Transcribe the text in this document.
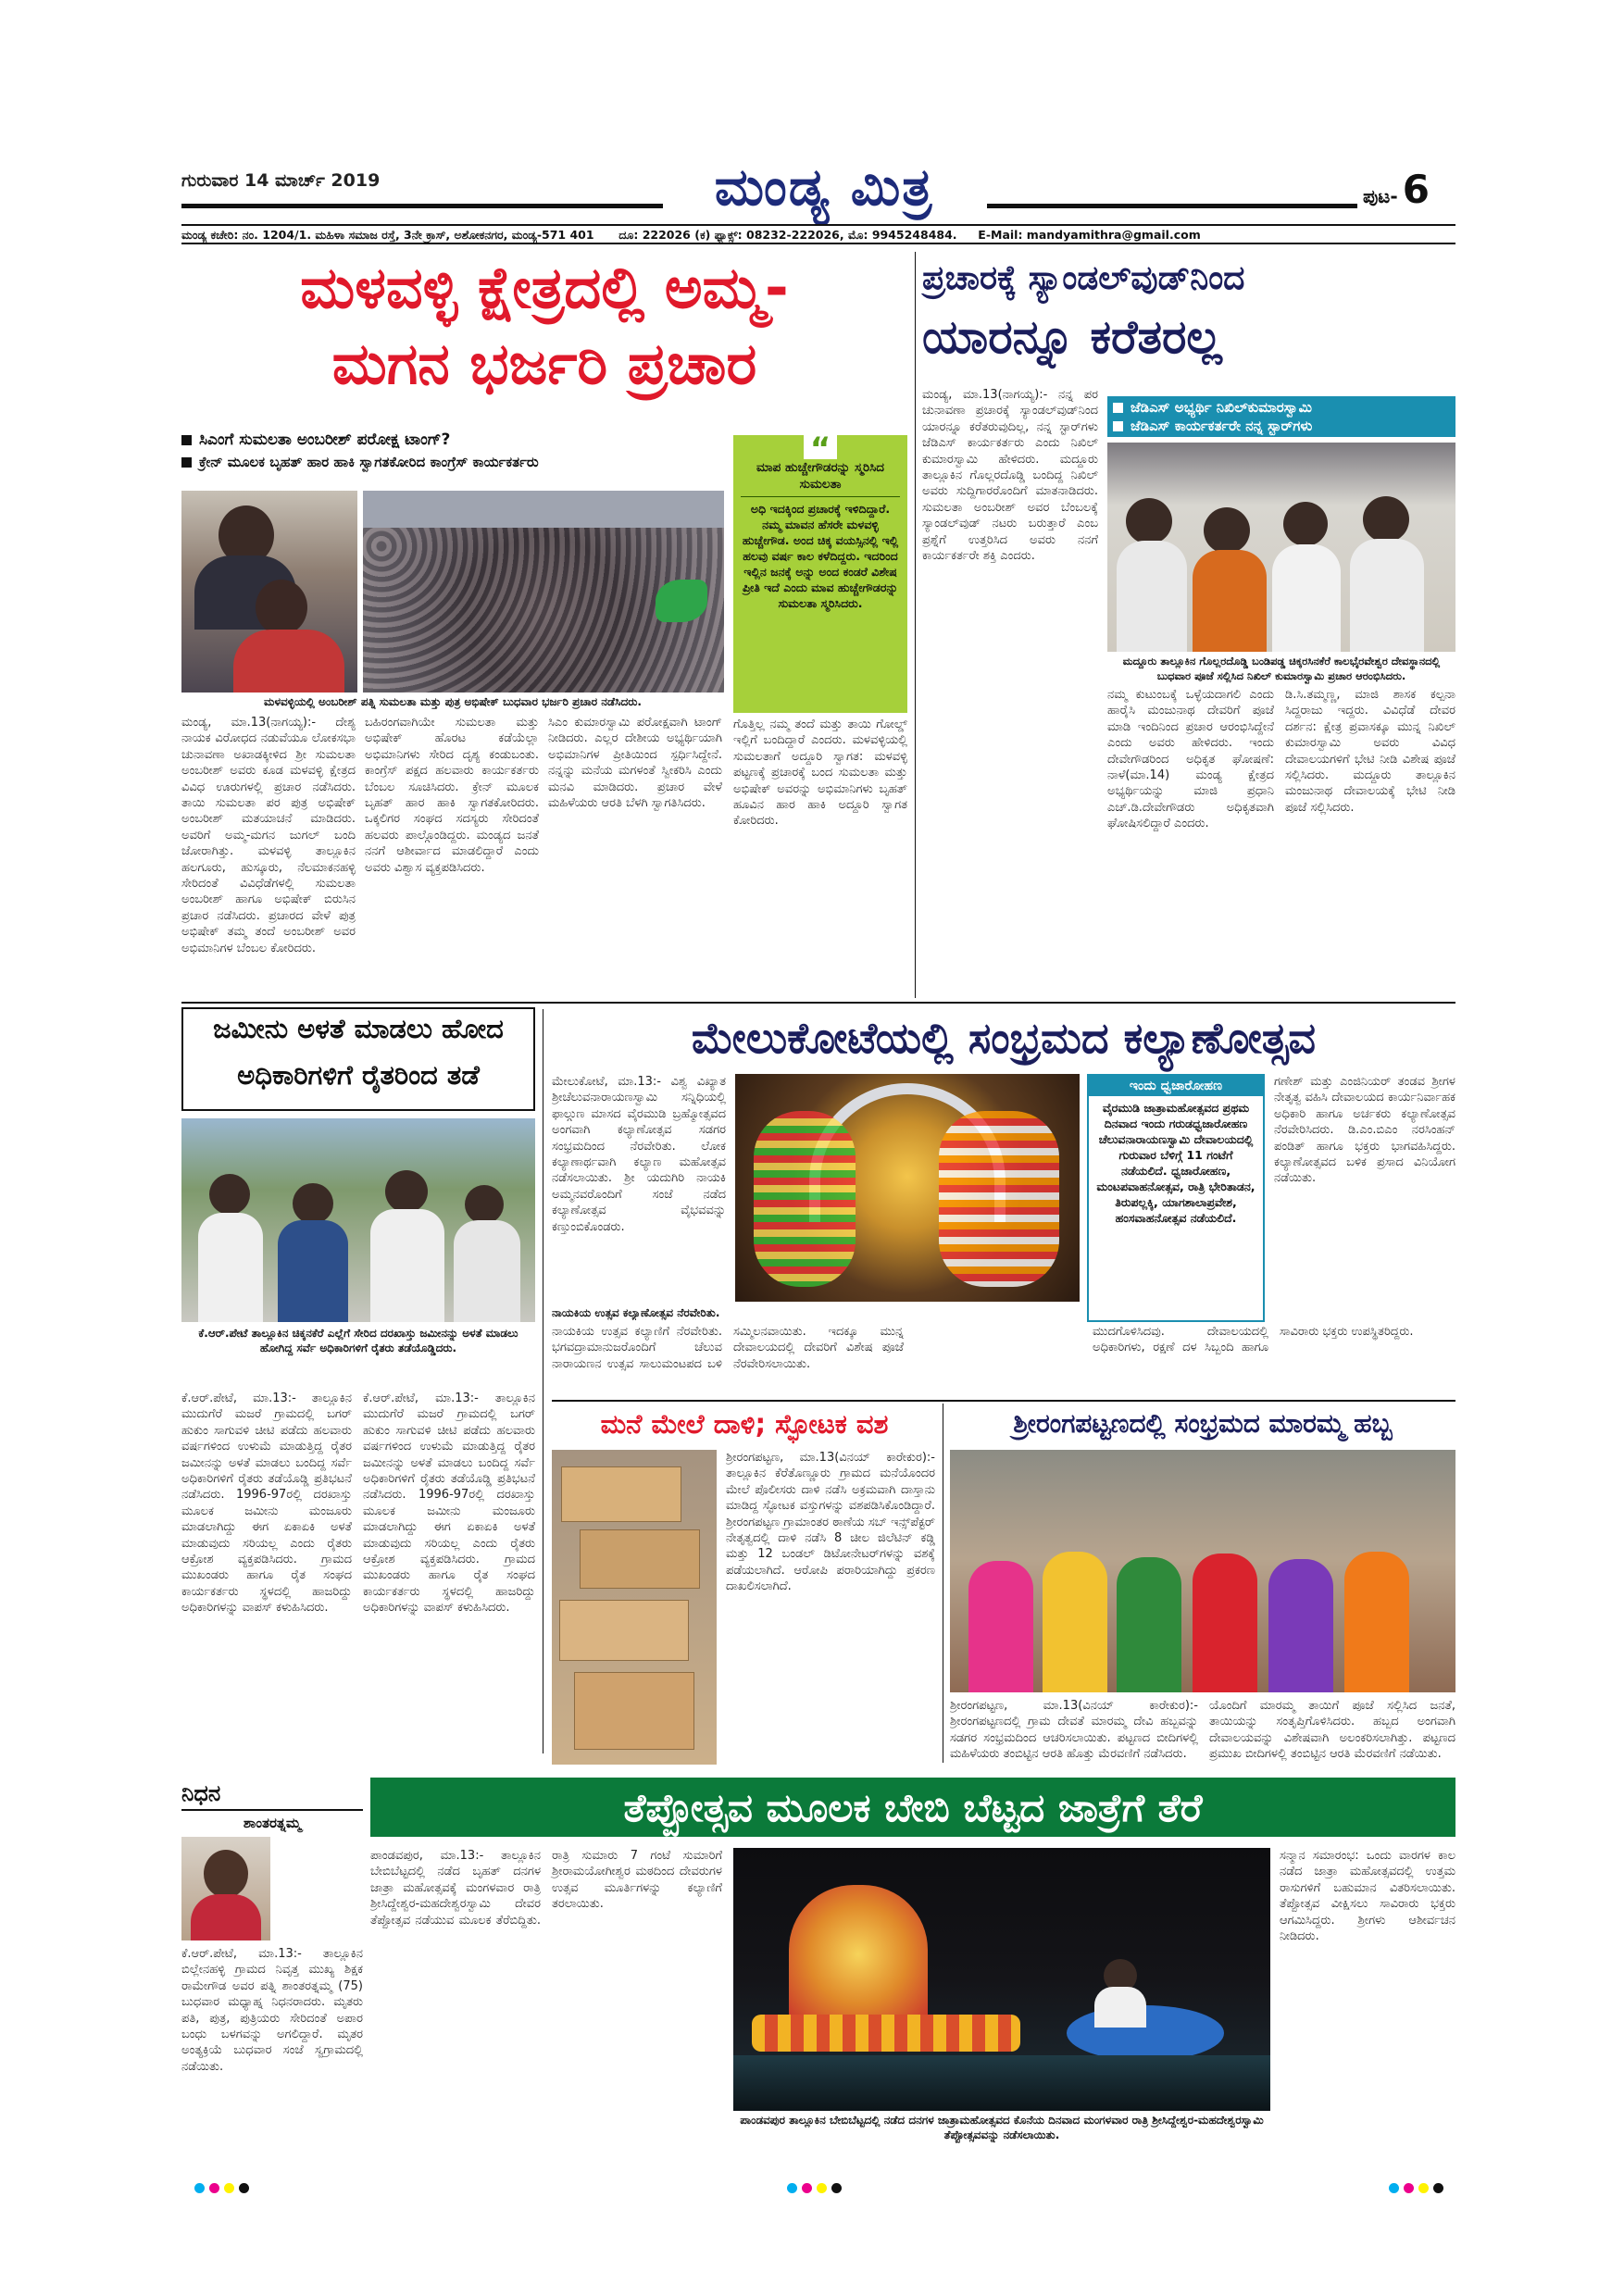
ಗುರುವಾರ 14 ಮಾರ್ಚ್ 2019	ಮಂಡ್ಯ ಮಿತ್ರ	ಪುಟ- 6
ಮಂಡ್ಯ ಕಚೇರಿ: ನಂ. 1204/1. ಮಹಿಳಾ ಸಮಾಜ ರಸ್ತೆ, 3ನೇ ಕ್ರಾಸ್, ಅಶೋಕನಗರ, ಮಂಡ್ಯ-571 401 ದೂ: 222026 (ಕ) ಫ್ಯಾಕ್ಸ್: 08232-222026, ಮೊ: 9945248484. E-Mail: mandyamithra@gmail.com
ಮಳವಳ್ಳಿ ಕ್ಷೇತ್ರದಲ್ಲಿ ಅಮ್ಮ-
ಮಗನ ಭರ್ಜರಿ ಪ್ರಚಾರ
ಸಿಎಂಗೆ ಸುಮಲತಾ ಅಂಬರೀಶ್ ಪರೋಕ್ಷ ಟಾಂಗ್?
ಕ್ರೇನ್ ಮೂಲಕ ಬೃಹತ್ ಹಾರ ಹಾಕಿ ಸ್ವಾಗತಕೋರಿದ ಕಾಂಗ್ರೆಸ್ ಕಾರ್ಯಕರ್ತರು	“
ಮಾಪ ಹುಚ್ಚೇಗೌಡರನ್ನು ಸ್ಮರಿಸಿದ ಸುಮಲತಾ
ಅಧಿ ಇದಕ್ಕಿಂದ ಪ್ರಚಾರಕ್ಕೆ ಇಳಿದಿದ್ದಾರೆ. ನಮ್ಮ ಮಾವನ ಹೆಸರೇ ಮಳವಳ್ಳಿ ಹುಚ್ಚೇಗೌಡ. ಅಂದ ಚಿಕ್ಕ ವಯಸ್ಸಿನಲ್ಲಿ ಇಲ್ಲಿ ಹಲವು ವರ್ಷ ಕಾಲ ಕಳೆದಿದ್ದರು. ಇದರಿಂದ ಇಲ್ಲಿನ ಜನಕ್ಕೆ ಅನ್ನು ಅಂದ ಕಂಡರೆ ವಿಶೇಷ ಪ್ರೀತಿ ಇದೆ ಎಂದು ಮಾವ ಹುಚ್ಚೇಗೌಡರನ್ನು ಸುಮಲತಾ ಸ್ಮರಿಸಿದರು.
ಮಳವಳ್ಳಿಯಲ್ಲಿ ಅಂಬರೀಶ್ ಪತ್ನಿ ಸುಮಲತಾ ಮತ್ತು ಪುತ್ರ ಅಭಿಷೇಕ್ ಬುಧವಾರ ಭರ್ಜರಿ ಪ್ರಚಾರ ನಡೆಸಿದರು.
ಮಂಡ್ಯ, ಮಾ.13(ನಾಗಯ್ಯ):- ದೇಶ್ಯ ನಾಯಕ ವಿರೋಧದ ನಡುವೆಯೂ ಲೋಕಸಭಾ ಚುನಾವಣಾ ಅಖಾಡಕ್ಕೀಳಿದ ಶ್ರೀ ಸುಮಲತಾ ಅಂಬರೀಶ್ ಅವರು ಕೂಡ ಮಳವಳ್ಳಿ ಕ್ಷೇತ್ರದ ವಿವಿಧ ಊರುಗಳಲ್ಲಿ ಪ್ರಚಾರ ನಡೆಸಿದರು. ತಾಯಿ ಸುಮಲತಾ ಪರ ಪುತ್ರ ಅಭಿಷೇಕ್ ಅಂಬರೀಶ್ ಮತಯಾಚನೆ ಮಾಡಿದರು. ಅವರಿಗೆ ಅಮ್ಮ-ಮಗನ ಜುಗಲ್ ಬಂದಿ ಜೋರಾಗಿತ್ತು. ಮಳವಳ್ಳಿ ತಾಲ್ಲೂಕಿನ ಹಲಗೂರು, ಹುಸ್ಕೂರು, ನೆಲಮಾಕನಹಳ್ಳಿ ಸೇರಿದಂತೆ ವಿವಿಧೆಡೆಗಳಲ್ಲಿ ಸುಮಲತಾ ಅಂಬರೀಶ್ ಹಾಗೂ ಅಭಿಷೇಕ್ ಬಿರುಸಿನ ಪ್ರಚಾರ ನಡೆಸಿದರು. ಪ್ರಚಾರದ ವೇಳೆ ಪುತ್ರ ಅಭಿಷೇಕ್ ತಮ್ಮ ತಂದೆ ಅಂಬರೀಶ್ ಅವರ ಅಭಿಮಾನಿಗಳ ಬೆಂಬಲ ಕೋರಿದರು.
ಬಹಿರಂಗವಾಗಿಯೇ ಸುಮಲತಾ ಮತ್ತು ಅಭಿಷೇಕ್ ಹೊರಟ ಕಡೆಯೆಲ್ಲಾ ಅಭಿಮಾನಿಗಳು ಸೇರಿದ ದೃಶ್ಯ ಕಂಡುಬಂತು. ಕಾಂಗ್ರೆಸ್ ಪಕ್ಷದ ಹಲವಾರು ಕಾರ್ಯಕರ್ತರು ಬೆಂಬಲ ಸೂಚಿಸಿದರು. ಕ್ರೇನ್ ಮೂಲಕ ಬೃಹತ್ ಹಾರ ಹಾಕಿ ಸ್ವಾಗತಕೋರಿದರು. ಒಕ್ಕಲಿಗರ ಸಂಘದ ಸದಸ್ಯರು ಸೇರಿದಂತೆ ಹಲವರು ಪಾಲ್ಗೊಂಡಿದ್ದರು. ಮಂಡ್ಯದ ಜನತೆ ನನಗೆ ಆಶೀರ್ವಾದ ಮಾಡಲಿದ್ದಾರೆ ಎಂದು ಅವರು ವಿಶ್ವಾಸ ವ್ಯಕ್ತಪಡಿಸಿದರು.
ಸಿಎಂ ಕುಮಾರಸ್ವಾಮಿ ಪರೋಕ್ಷವಾಗಿ ಟಾಂಗ್ ನೀಡಿದರು. ಎಲ್ಲರ ದೇಶೀಯ ಅಭ್ಯರ್ಥಿಯಾಗಿ ಅಭಿಮಾನಿಗಳ ಪ್ರೀತಿಯಿಂದ ಸ್ಪರ್ಧಿಸಿದ್ದೇನೆ. ನನ್ನನ್ನು ಮನೆಯ ಮಗಳಂತೆ ಸ್ವೀಕರಿಸಿ ಎಂದು ಮನವಿ ಮಾಡಿದರು. ಪ್ರಚಾರ ವೇಳೆ ಮಹಿಳೆಯರು ಆರತಿ ಬೆಳಗಿ ಸ್ವಾಗತಿಸಿದರು.
ಗೊತ್ತಿಲ್ಲ ನಮ್ಮ ತಂದೆ ಮತ್ತು ತಾಯಿ ಗೋಲ್ಡ್ ಇಲ್ಲಿಗೆ ಬಂದಿದ್ದಾರೆ ಎಂದರು. ಮಳವಳ್ಳಿಯಲ್ಲಿ ಸುಮಲತಾಗೆ ಅದ್ದೂರಿ ಸ್ವಾಗತ: ಮಳವಳ್ಳಿ ಪಟ್ಟಣಕ್ಕೆ ಪ್ರಚಾರಕ್ಕೆ ಬಂದ ಸುಮಲತಾ ಮತ್ತು ಅಭಿಷೇಕ್ ಅವರನ್ನು ಅಭಿಮಾನಿಗಳು ಬೃಹತ್ ಹೂವಿನ ಹಾರ ಹಾಕಿ ಅದ್ದೂರಿ ಸ್ವಾಗತ ಕೋರಿದರು.
ಪ್ರಚಾರಕ್ಕೆ ಸ್ಯಾಂಡಲ್‌ವುಡ್‌ನಿಂದ
ಯಾರನ್ನೂ ಕರೆತರಲ್ಲ
ಮಂಡ್ಯ, ಮಾ.13(ನಾಗಯ್ಯ):- ನನ್ನ ಪರ ಚುನಾವಣಾ ಪ್ರಚಾರಕ್ಕೆ ಸ್ಯಾಂಡಲ್‌ವುಡ್‌ನಿಂದ ಯಾರನ್ನೂ ಕರೆತರುವುದಿಲ್ಲ, ನನ್ನ ಸ್ಟಾರ್‌ಗಳು ಜೆಡಿಎಸ್ ಕಾರ್ಯಕರ್ತರು ಎಂದು ನಿಖಿಲ್ ಕುಮಾರಸ್ವಾಮಿ ಹೇಳಿದರು. ಮದ್ದೂರು ತಾಲ್ಲೂಕಿನ ಗೊಲ್ಲರದೊಡ್ಡಿ ಬಂದಿದ್ದ ನಿಖಿಲ್ ಅವರು ಸುದ್ದಿಗಾರರೊಂದಿಗೆ ಮಾತನಾಡಿದರು. ಸುಮಲತಾ ಅಂಬರೀಶ್ ಅವರ ಬೆಂಬಲಕ್ಕೆ ಸ್ಯಾಂಡಲ್‌ವುಡ್ ನಟರು ಬರುತ್ತಾರೆ ಎಂಬ ಪ್ರಶ್ನೆಗೆ ಉತ್ತರಿಸಿದ ಅವರು ನನಗೆ ಕಾರ್ಯಕರ್ತರೇ ಶಕ್ತಿ ಎಂದರು.
ಜೆಡಿಎಸ್ ಅಭ್ಯರ್ಥಿ ನಿಖಿಲ್‌ಕುಮಾರಸ್ವಾಮಿ
ಜೆಡಿಎಸ್ ಕಾರ್ಯಕರ್ತರೇ ನನ್ನ ಸ್ಟಾರ್‌ಗಳು
ಮದ್ದೂರು ತಾಲ್ಲೂಕಿನ ಗೊಲ್ಲರದೊಡ್ಡಿ ಬಂಡಿಪಡ್ಡ ಚಿಕ್ಕರಸಿನಕೆರೆ ಕಾಲಭೈರವೇಶ್ವರ ದೇವಸ್ಥಾನದಲ್ಲಿ ಬುಧವಾರ ಪೂಜೆ ಸಲ್ಲಿಸಿದ ನಿಖಿಲ್ ಕುಮಾರಸ್ವಾಮಿ ಪ್ರಚಾರ ಆರಂಭಿಸಿದರು.
ನಮ್ಮ ಕುಟುಂಬಕ್ಕೆ ಒಳ್ಳೆಯದಾಗಲಿ ಎಂದು ಹಾರೈಸಿ ಮಂಜುನಾಥ ದೇವರಿಗೆ ಪೂಜೆ ಮಾಡಿ ಇಂದಿನಿಂದ ಪ್ರಚಾರ ಆರಂಭಿಸಿದ್ದೇನೆ ಎಂದು ಅವರು ಹೇಳಿದರು. ಇಂದು ದೇವೇಗೌಡರಿಂದ ಅಧಿಕೃತ ಘೋಷಣೆ: ನಾಳೆ(ಮಾ.14) ಮಂಡ್ಯ ಕ್ಷೇತ್ರದ ಅಭ್ಯರ್ಥಿಯನ್ನು ಮಾಜಿ ಪ್ರಧಾನಿ ಎಚ್.ಡಿ.ದೇವೇಗೌಡರು ಅಧಿಕೃತವಾಗಿ ಘೋಷಿಸಲಿದ್ದಾರೆ ಎಂದರು.
ಡಿ.ಸಿ.ತಮ್ಮಣ್ಣ, ಮಾಜಿ ಶಾಸಕ ಕಲ್ಪನಾ ಸಿದ್ದರಾಜು ಇದ್ದರು. ವಿವಿಧೆಡೆ ದೇವರ ದರ್ಶನ: ಕ್ಷೇತ್ರ ಪ್ರವಾಸಕ್ಕೂ ಮುನ್ನ ನಿಖಿಲ್ ಕುಮಾರಸ್ವಾಮಿ ಅವರು ವಿವಿಧ ದೇವಾಲಯಗಳಿಗೆ ಭೇಟಿ ನೀಡಿ ವಿಶೇಷ ಪೂಜೆ ಸಲ್ಲಿಸಿದರು. ಮದ್ದೂರು ತಾಲ್ಲೂಕಿನ ಮಂಜುನಾಥ ದೇವಾಲಯಕ್ಕೆ ಭೇಟಿ ನೀಡಿ ಪೂಜೆ ಸಲ್ಲಿಸಿದರು.
ಜಮೀನು ಅಳತೆ ಮಾಡಲು ಹೋದ
ಅಧಿಕಾರಿಗಳಿಗೆ ರೈತರಿಂದ ತಡೆ
ಕೆ.ಆರ್.ಪೇಟೆ ತಾಲ್ಲೂಕಿನ ಚಿಕ್ಕನಕೆರೆ ಎಲ್ಲೆಗೆ ಸೇರಿದ ದರಖಾಸ್ತು ಜಮೀನನ್ನು ಅಳತೆ ಮಾಡಲು ಹೋಗಿದ್ದ ಸರ್ವೆ ಅಧಿಕಾರಿಗಳಿಗೆ ರೈತರು ತಡೆಯೊಡ್ಡಿದರು.
ಕೆ.ಆರ್.ಪೇಟೆ, ಮಾ.13:- ತಾಲ್ಲೂಕಿನ ಮುದುಗೆರೆ ಮಜರೆ ಗ್ರಾಮದಲ್ಲಿ ಬಗರ್ ಹುಕುಂ ಸಾಗುವಳಿ ಚೀಟಿ ಪಡೆದು ಹಲವಾರು ವರ್ಷಗಳಿಂದ ಉಳುಮೆ ಮಾಡುತ್ತಿದ್ದ ರೈತರ ಜಮೀನನ್ನು ಅಳತೆ ಮಾಡಲು ಬಂದಿದ್ದ ಸರ್ವೆ ಅಧಿಕಾರಿಗಳಿಗೆ ರೈತರು ತಡೆಯೊಡ್ಡಿ ಪ್ರತಿಭಟನೆ ನಡೆಸಿದರು. 1996-97ರಲ್ಲಿ ದರಖಾಸ್ತು ಮೂಲಕ ಜಮೀನು ಮಂಜೂರು ಮಾಡಲಾಗಿದ್ದು ಈಗ ಏಕಾಏಕಿ ಅಳತೆ ಮಾಡುವುದು ಸರಿಯಲ್ಲ ಎಂದು ರೈತರು ಆಕ್ರೋಶ ವ್ಯಕ್ತಪಡಿಸಿದರು. ಗ್ರಾಮದ ಮುಖಂಡರು ಹಾಗೂ ರೈತ ಸಂಘದ ಕಾರ್ಯಕರ್ತರು ಸ್ಥಳದಲ್ಲಿ ಹಾಜರಿದ್ದು ಅಧಿಕಾರಿಗಳನ್ನು ವಾಪಸ್ ಕಳುಹಿಸಿದರು.
ಕೆ.ಆರ್.ಪೇಟೆ, ಮಾ.13:- ತಾಲ್ಲೂಕಿನ ಮುದುಗೆರೆ ಮಜರೆ ಗ್ರಾಮದಲ್ಲಿ ಬಗರ್ ಹುಕುಂ ಸಾಗುವಳಿ ಚೀಟಿ ಪಡೆದು ಹಲವಾರು ವರ್ಷಗಳಿಂದ ಉಳುಮೆ ಮಾಡುತ್ತಿದ್ದ ರೈತರ ಜಮೀನನ್ನು ಅಳತೆ ಮಾಡಲು ಬಂದಿದ್ದ ಸರ್ವೆ ಅಧಿಕಾರಿಗಳಿಗೆ ರೈತರು ತಡೆಯೊಡ್ಡಿ ಪ್ರತಿಭಟನೆ ನಡೆಸಿದರು. 1996-97ರಲ್ಲಿ ದರಖಾಸ್ತು ಮೂಲಕ ಜಮೀನು ಮಂಜೂರು ಮಾಡಲಾಗಿದ್ದು ಈಗ ಏಕಾಏಕಿ ಅಳತೆ ಮಾಡುವುದು ಸರಿಯಲ್ಲ ಎಂದು ರೈತರು ಆಕ್ರೋಶ ವ್ಯಕ್ತಪಡಿಸಿದರು. ಗ್ರಾಮದ ಮುಖಂಡರು ಹಾಗೂ ರೈತ ಸಂಘದ ಕಾರ್ಯಕರ್ತರು ಸ್ಥಳದಲ್ಲಿ ಹಾಜರಿದ್ದು ಅಧಿಕಾರಿಗಳನ್ನು ವಾಪಸ್ ಕಳುಹಿಸಿದರು.
ಮೇಲುಕೋಟೆಯಲ್ಲಿ ಸಂಭ್ರಮದ ಕಲ್ಯಾಣೋತ್ಸವ
ಮೇಲುಕೋಟೆ, ಮಾ.13:- ವಿಶ್ವ ವಿಖ್ಯಾತ ಶ್ರೀಚೆಲುವನಾರಾಯಣಸ್ವಾಮಿ ಸನ್ನಿಧಿಯಲ್ಲಿ ಫಾಲ್ಗುಣ ಮಾಸದ ವೈರಮುಡಿ ಬ್ರಹ್ಮೋತ್ಸವದ ಅಂಗವಾಗಿ ಕಲ್ಯಾಣೋತ್ಸವ ಸಡಗರ ಸಂಭ್ರಮದಿಂದ ನೆರವೇರಿತು. ಲೋಕ ಕಲ್ಯಾಣಾರ್ಥವಾಗಿ ಕಲ್ಯಾಣ ಮಹೋತ್ಸವ ನಡೆಸಲಾಯಿತು. ಶ್ರೀ ಯದುಗಿರಿ ನಾಯಕಿ ಅಮ್ಮನವರೊಂದಿಗೆ ಸಂಜೆ ನಡೆದ ಕಲ್ಯಾಣೋತ್ಸವ ವೈಭವವನ್ನು ಕಣ್ತುಂಬಿಕೊಂಡರು.
ನಾಯಕಿಯ ಉತ್ಸವ ಕಲ್ಯಾಣೋತ್ಸವ ನೆರವೇರಿತು.
ಇಂದು ಧ್ವಜಾರೋಹಣ
ವೈರಮುಡಿ ಜಾತ್ರಾಮಹೋತ್ಸವದ ಪ್ರಥಮ ದಿನವಾದ ಇಂದು ಗರುಡಧ್ವಜಾರೋಹಣ ಚೆಲುವನಾರಾಯಣಸ್ವಾಮಿ ದೇವಾಲಯದಲ್ಲಿ ಗುರುವಾರ ಬೆಳಿಗ್ಗೆ 11 ಗಂಟೆಗೆ ನಡೆಯಲಿದೆ. ಧ್ವಜಾರೋಹಣ, ಮಂಟಪವಾಹನೋತ್ಸವ, ರಾತ್ರಿ ಭೇರಿತಾಡನ, ತಿರುಪಲ್ಲಕ್ಕಿ, ಯಾಗಶಾಲಾಪ್ರವೇಶ, ಹಂಸವಾಹನೋತ್ಸವ ನಡೆಯಲಿದೆ.
ಗಣೇಶ್ ಮತ್ತು ಎಂಜಿನಿಯರ್ ತಂಡವ ಶ್ರೀಗಳ ನೇತೃತ್ವ ವಹಿಸಿ ದೇವಾಲಯದ ಕಾರ್ಯನಿರ್ವಾಹಕ ಅಧಿಕಾರಿ ಹಾಗೂ ಅರ್ಚಕರು ಕಲ್ಯಾಣೋತ್ಸವ ನೆರವೇರಿಸಿದರು. ಡಿ.ಎಂ.ಬಿಎಂ ನರಸಿಂಹನ್ ಪಂಡಿತ್ ಹಾಗೂ ಭಕ್ತರು ಭಾಗವಹಿಸಿದ್ದರು. ಕಲ್ಯಾಣೋತ್ಸವದ ಬಳಿಕ ಪ್ರಸಾದ ವಿನಿಯೋಗ ನಡೆಯಿತು.
ನಾಯಕಿಯ ಉತ್ಸವ ಕಲ್ಯಾಣಿಗೆ ನೆರವೇರಿತು. ಭಗವದ್ರಾಮಾನುಜರೊಂದಿಗೆ ಚೆಲುವ ನಾರಾಯಣನ ಉತ್ಸವ ಸಾಲುಮಂಟಪದ ಬಳಿ ಸಮ್ಮಿಲನವಾಯಿತು. ಇದಕ್ಕೂ ಮುನ್ನ ದೇವಾಲಯದಲ್ಲಿ ದೇವರಿಗೆ ವಿಶೇಷ ಪೂಜೆ ನೆರವೇರಿಸಲಾಯಿತು.
ಮುದಗೊಳಿಸಿದವು. ದೇವಾಲಯದಲ್ಲಿ ಅಧಿಕಾರಿಗಳು, ರಕ್ಷಣೆ ದಳ ಸಿಬ್ಬಂದಿ ಹಾಗೂ ಸಾವಿರಾರು ಭಕ್ತರು ಉಪಸ್ಥಿತರಿದ್ದರು.
ಮನೆ ಮೇಲೆ ದಾಳಿ; ಸ್ಫೋಟಕ ವಶ
ಶ್ರೀರಂಗಪಟ್ಟಣ, ಮಾ.13(ವಿನಯ್ ಕಾರೇಕುರ):- ತಾಲ್ಲೂಕಿನ ಕೆರೆತೊಣ್ಣೂರು ಗ್ರಾಮದ ಮನೆಯೊಂದರ ಮೇಲೆ ಪೊಲೀಸರು ದಾಳಿ ನಡೆಸಿ ಅಕ್ರಮವಾಗಿ ದಾಸ್ತಾನು ಮಾಡಿದ್ದ ಸ್ಫೋಟಕ ವಸ್ತುಗಳನ್ನು ವಶಪಡಿಸಿಕೊಂಡಿದ್ದಾರೆ. ಶ್ರೀರಂಗಪಟ್ಟಣ ಗ್ರಾಮಾಂತರ ಠಾಣೆಯ ಸಬ್ ಇನ್ಸ್‌ಪೆಕ್ಟರ್ ನೇತೃತ್ವದಲ್ಲಿ ದಾಳಿ ನಡೆಸಿ 8 ಚೀಲ ಜಿಲೆಟಿನ್ ಕಡ್ಡಿ ಮತ್ತು 12 ಬಂಡಲ್ ಡಿಟೋನೇಟರ್‌ಗಳನ್ನು ವಶಕ್ಕೆ ಪಡೆಯಲಾಗಿದೆ. ಆರೋಪಿ ಪರಾರಿಯಾಗಿದ್ದು ಪ್ರಕರಣ ದಾಖಲಿಸಲಾಗಿದೆ.
ಶ್ರೀರಂಗಪಟ್ಟಣದಲ್ಲಿ ಸಂಭ್ರಮದ ಮಾರಮ್ಮ ಹಬ್ಬ
ಶ್ರೀರಂಗಪಟ್ಟಣ, ಮಾ.13(ವಿನಯ್ ಕಾರೇಕುರ):- ಶ್ರೀರಂಗಪಟ್ಟಣದಲ್ಲಿ ಗ್ರಾಮ ದೇವತೆ ಮಾರಮ್ಮ ದೇವಿ ಹಬ್ಬವನ್ನು ಸಡಗರ ಸಂಭ್ರಮದಿಂದ ಆಚರಿಸಲಾಯಿತು. ಪಟ್ಟಣದ ಬೀದಿಗಳಲ್ಲಿ ಮಹಿಳೆಯರು ತಂಬಿಟ್ಟಿನ ಆರತಿ ಹೊತ್ತು ಮೆರವಣಿಗೆ ನಡೆಸಿದರು.
ಯೊಂದಿಗೆ ಮಾರಮ್ಮ ತಾಯಿಗೆ ಪೂಜೆ ಸಲ್ಲಿಸಿದ ಜನತೆ, ತಾಯಿಯನ್ನು ಸಂತೃಪ್ತಿಗೊಳಿಸಿದರು. ಹಬ್ಬದ ಅಂಗವಾಗಿ ದೇವಾಲಯವನ್ನು ವಿಶೇಷವಾಗಿ ಅಲಂಕರಿಸಲಾಗಿತ್ತು. ಪಟ್ಟಣದ ಪ್ರಮುಖ ಬೀದಿಗಳಲ್ಲಿ ತಂಬಿಟ್ಟಿನ ಆರತಿ ಮೆರವಣಿಗೆ ನಡೆಯಿತು.
ತೆಪ್ಪೋತ್ಸವ ಮೂಲಕ ಬೇಬಿ ಬೆಟ್ಟದ ಜಾತ್ರೆಗೆ ತೆರೆ
ಪಾಂಡವಪುರ, ಮಾ.13:- ತಾಲ್ಲೂಕಿನ ಬೇಬಿಬೆಟ್ಟದಲ್ಲಿ ನಡೆದ ಬೃಹತ್ ದನಗಳ ಜಾತ್ರಾ ಮಹೋತ್ಸವಕ್ಕೆ ಮಂಗಳವಾರ ರಾತ್ರಿ ಶ್ರೀಸಿದ್ದೇಶ್ವರ-ಮಹದೇಶ್ವರಸ್ವಾಮಿ ದೇವರ ತೆಪ್ಪೋತ್ಸವ ನಡೆಯುವ ಮೂಲಕ ತೆರೆಬಿದ್ದಿತು. ರಾತ್ರಿ ಸುಮಾರು 7 ಗಂಟೆ ಸುಮಾರಿಗೆ ಶ್ರೀರಾಮಯೋಗೀಶ್ವರ ಮಠದಿಂದ ದೇವರುಗಳ ಉತ್ಸವ ಮೂರ್ತಿಗಳನ್ನು ಕಲ್ಯಾಣಿಗೆ ತರಲಾಯಿತು.
ಪಾಂಡವಪುರ ತಾಲ್ಲೂಕಿನ ಬೇಬಿಬೆಟ್ಟದಲ್ಲಿ ನಡೆದ ದನಗಳ ಜಾತ್ರಾಮಹೋತ್ಸವದ ಕೊನೆಯ ದಿನವಾದ ಮಂಗಳವಾರ ರಾತ್ರಿ ಶ್ರೀಸಿದ್ದೇಶ್ವರ-ಮಹದೇಶ್ವರಸ್ವಾಮಿ ತೆಪ್ಪೋತ್ಸವವನ್ನು ನಡೆಸಲಾಯಿತು.
ಸನ್ಮಾನ ಸಮಾರಂಭ: ಒಂದು ವಾರಗಳ ಕಾಲ ನಡೆದ ಜಾತ್ರಾ ಮಹೋತ್ಸವದಲ್ಲಿ ಉತ್ತಮ ರಾಸುಗಳಿಗೆ ಬಹುಮಾನ ವಿತರಿಸಲಾಯಿತು. ತೆಪ್ಪೋತ್ಸವ ವೀಕ್ಷಿಸಲು ಸಾವಿರಾರು ಭಕ್ತರು ಆಗಮಿಸಿದ್ದರು. ಶ್ರೀಗಳು ಆಶೀರ್ವಚನ ನೀಡಿದರು.
ನಿಧನ
ಶಾಂತರತ್ನಮ್ಮ
ಕೆ.ಆರ್.ಪೇಟೆ, ಮಾ.13:- ತಾಲ್ಲೂಕಿನ ಬಿಲ್ಲೇನಹಳ್ಳಿ ಗ್ರಾಮದ ನಿವೃತ್ತ ಮುಖ್ಯ ಶಿಕ್ಷಕ ರಾಮೇಗೌಡ ಅವರ ಪತ್ನಿ ಶಾಂತರತ್ನಮ್ಮ (75) ಬುಧವಾರ ಮಧ್ಯಾಹ್ನ ನಿಧನರಾದರು. ಮೃತರು ಪತಿ, ಪುತ್ರ, ಪುತ್ರಿಯರು ಸೇರಿದಂತೆ ಅಪಾರ ಬಂಧು ಬಳಗವನ್ನು ಅಗಲಿದ್ದಾರೆ. ಮೃತರ ಅಂತ್ಯಕ್ರಿಯೆ ಬುಧವಾರ ಸಂಜೆ ಸ್ವಗ್ರಾಮದಲ್ಲಿ ನಡೆಯಿತು.
